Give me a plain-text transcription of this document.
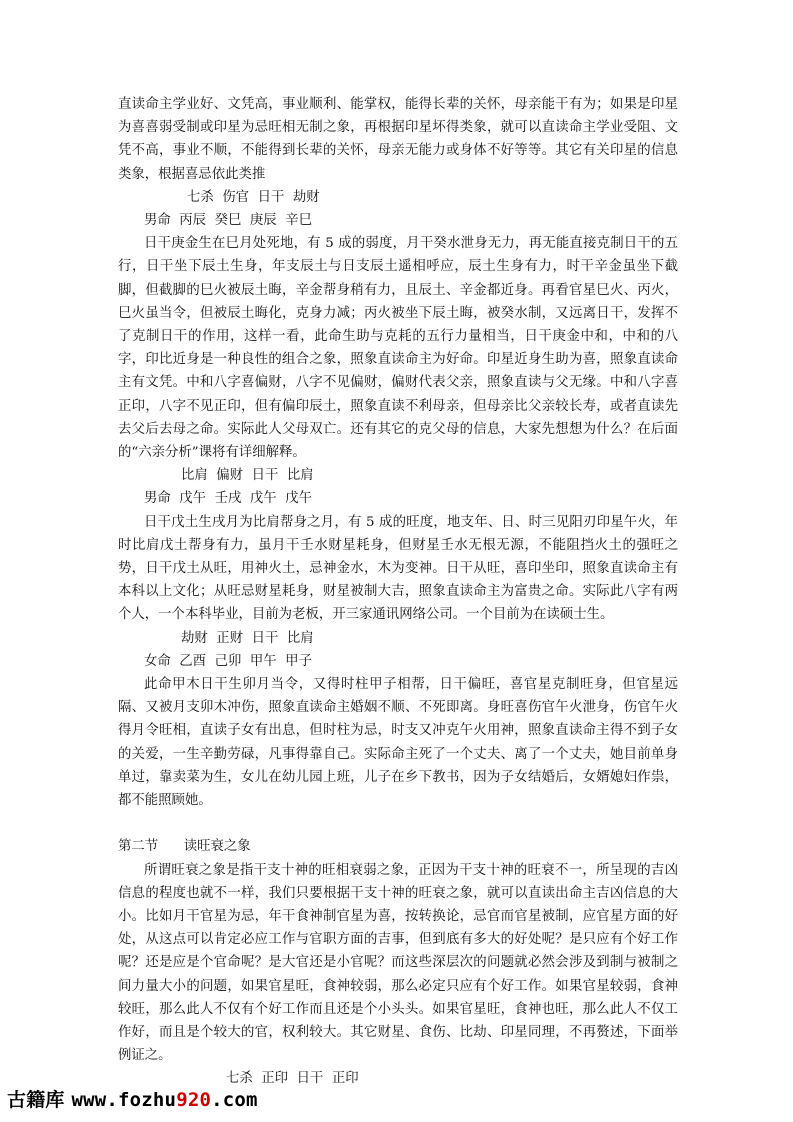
直读命主学业好、文凭高，事业顺利、能掌权，能得长辈的关怀，母亲能干有为；如果是印星为喜喜弱受制或印星为忌旺相无制之象，再根据印星坏得类象，就可以直读命主学业受阻、文凭不高，事业不顺，不能得到长辈的关怀，母亲无能力或身体不好等等。其它有关印星的信息类象，根据喜忌依此类推

七杀  伤官  日干  劫财

男命  丙辰  癸巳  庚辰  辛巳

日干庚金生在巳月处死地，有 5 成的弱度，月干癸水泄身无力，再无能直接克制日干的五行，日干坐下辰土生身，年支辰土与日支辰土遥相呼应，辰土生身有力，时干辛金虽坐下截脚，但截脚的巳火被辰土晦，辛金帮身稍有力，且辰土、辛金都近身。再看官星巳火、丙火，巳火虽当令，但被辰土晦化，克身力减；丙火被坐下辰土晦，被癸水制，又远离日干，发挥不了克制日干的作用，这样一看，此命生助与克耗的五行力量相当，日干庚金中和，中和的八字，印比近身是一种良性的组合之象，照象直读命主为好命。印星近身生助为喜，照象直读命主有文凭。中和八字喜偏财，八字不见偏财，偏财代表父亲，照象直读与父无缘。中和八字喜正印，八字不见正印，但有偏印辰土，照象直读不利母亲，但母亲比父亲较长寿，或者直读先去父后去母之命。实际此人父母双亡。还有其它的克父母的信息，大家先想想为什么？在后面的“六亲分析”课将有详细解释。

比肩  偏财  日干  比肩

男命  戊午  壬戌  戊午  戊午

日干戊土生戌月为比肩帮身之月，有 5 成的旺度，地支年、日、时三见阳刃印星午火，年时比肩戊土帮身有力，虽月干壬水财星耗身，但财星壬水无根无源，不能阻挡火土的强旺之势，日干戊土从旺，用神火土，忌神金水，木为变神。日干从旺，喜印坐印，照象直读命主有本科以上文化；从旺忌财星耗身，财星被制大吉，照象直读命主为富贵之命。实际此八字有两个人，一个本科毕业，目前为老板，开三家通讯网络公司。一个目前为在读硕士生。

劫财  正财  日干  比肩

女命  乙酉  己卯  甲午  甲子

此命甲木日干生卯月当令，又得时柱甲子相帮，日干偏旺，喜官星克制旺身，但官星远隔、又被月支卯木冲伤，照象直读命主婚姻不顺、不死即离。身旺喜伤官午火泄身，伤官午火得月令旺相，直读子女有出息，但时柱为忌，时支又冲克午火用神，照象直读命主得不到子女的关爱，一生辛勤劳碌，凡事得靠自己。实际命主死了一个丈夫、离了一个丈夫，她目前单身单过，靠卖菜为生，女儿在幼儿园上班，儿子在乡下教书，因为子女结婚后，女婿媳妇作祟，都不能照顾她。

第二节      读旺衰之象

所谓旺衰之象是指干支十神的旺相衰弱之象，正因为干支十神的旺衰不一，所呈现的吉凶信息的程度也就不一样，我们只要根据干支十神的旺衰之象，就可以直读出命主吉凶信息的大小。比如月干官星为忌，年干食神制官星为喜，按转换论，忌官而官星被制，应官星方面的好处，从这点可以肯定必应工作与官职方面的吉事，但到底有多大的好处呢？是只应有个好工作呢？还是应是个官命呢？是大官还是小官呢？而这些深层次的问题就必然会涉及到制与被制之间力量大小的问题，如果官星旺，食神较弱，那么必定只应有个好工作。如果官星较弱，食神较旺，那么此人不仅有个好工作而且还是个小头头。如果官星旺，食神也旺，那么此人不仅工作好，而且是个较大的官，权利较大。其它财星、食伤、比劫、印星同理，不再赘述，下面举例证之。

七杀  正印  日干  正印

古籍库 www.fozhu920.com
